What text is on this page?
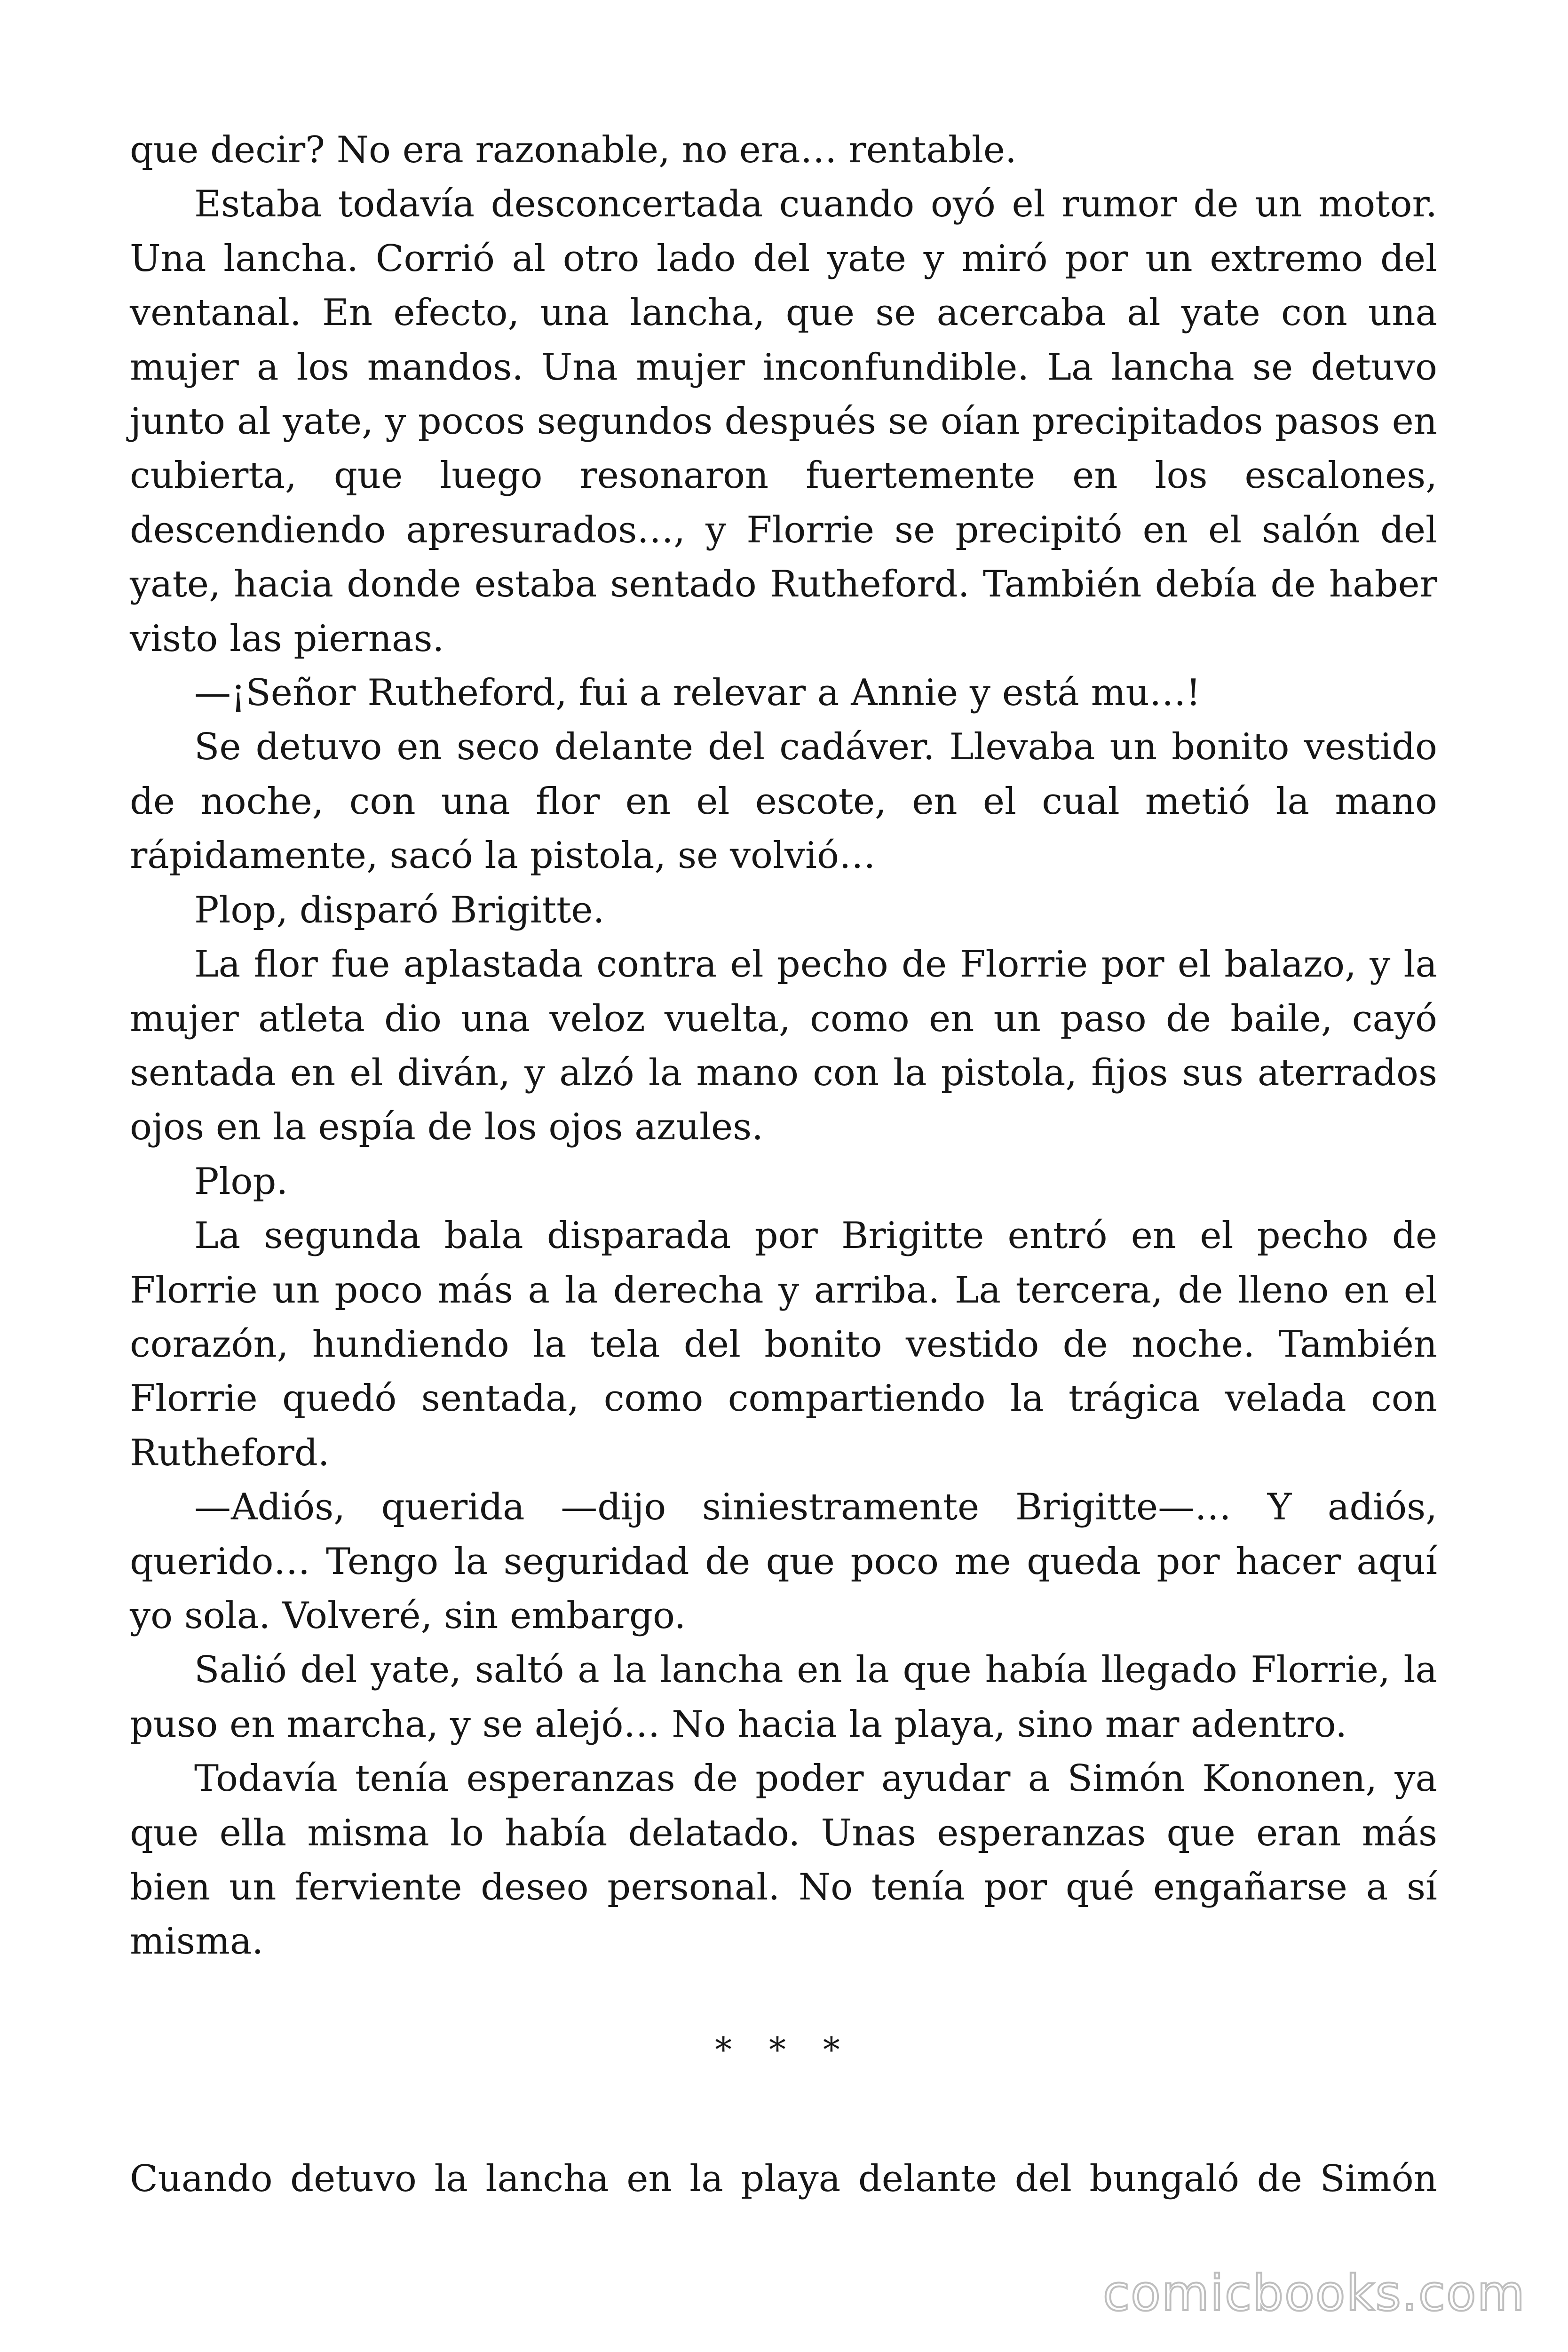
que decir? No era razonable, no era… rentable.

Estaba todavía desconcertada cuando oyó el rumor de un motor. Una lancha. Corrió al otro lado del yate y miró por un extremo del ventanal. En efecto, una lancha, que se acercaba al yate con una mujer a los mandos. Una mujer inconfundible. La lancha se detuvo junto al yate, y pocos segundos después se oían precipitados pasos en cubierta, que luego resonaron fuertemente en los escalones, descendiendo apresurados…, y Florrie se precipitó en el salón del yate, hacia donde estaba sentado Rutheford. También debía de haber visto las piernas.

—¡Señor Rutheford, fui a relevar a Annie y está mu…!

Se detuvo en seco delante del cadáver. Llevaba un bonito vestido de noche, con una flor en el escote, en el cual metió la mano rápidamente, sacó la pistola, se volvió…

Plop, disparó Brigitte.

La flor fue aplastada contra el pecho de Florrie por el balazo, y la mujer atleta dio una veloz vuelta, como en un paso de baile, cayó sentada en el diván, y alzó la mano con la pistola, fijos sus aterrados ojos en la espía de los ojos azules.

Plop.

La segunda bala disparada por Brigitte entró en el pecho de Florrie un poco más a la derecha y arriba. La tercera, de lleno en el corazón, hundiendo la tela del bonito vestido de noche. También Florrie quedó sentada, como compartiendo la trágica velada con Rutheford.

—Adiós, querida —dijo siniestramente Brigitte—… Y adiós, querido… Tengo la seguridad de que poco me queda por hacer aquí yo sola. Volveré, sin embargo.

Salió del yate, saltó a la lancha en la que había llegado Florrie, la puso en marcha, y se alejó… No hacia la playa, sino mar adentro.

Todavía tenía esperanzas de poder ayudar a Simón Kononen, ya que ella misma lo había delatado. Unas esperanzas que eran más bien un ferviente deseo personal. No tenía por qué engañarse a sí misma.

* * *

Cuando detuvo la lancha en la playa delante del bungaló de Simón

comicbooks.com
